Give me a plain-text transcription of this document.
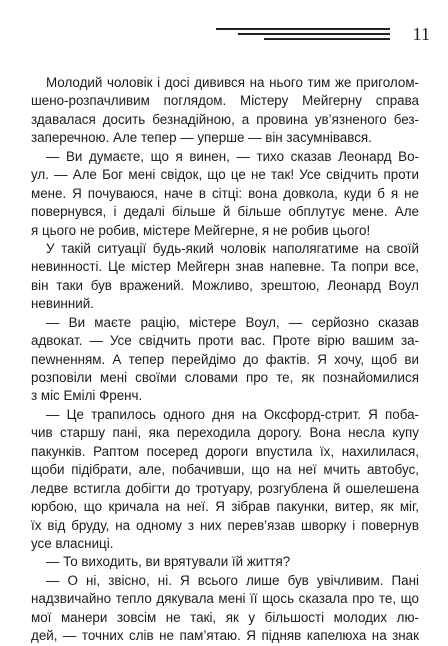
11
Молодий чоловік і досі дивився на нього тим же приголом-
шено-розпачливим поглядом. Містеру Мейгерну справа
здавалася досить безнадійною, а провина ув’язненого без-
заперечною. Але тепер — уперше — він засумнівався.
— Ви думаєте, що я винен, — тихо сказав Леонард Во-
ул. — Але Бог мені свідок, що це не так! Усе свідчить проти
мене. Я почуваюся, наче в сітці: вона довкола, куди б я не
повернувся, і дедалі більше й більше обплутує мене. Але
я цього не робив, містере Мейгерне, я не робив цього!
У такій ситуації будь-який чоловік наполягатиме на своїй
невинності. Це містер Мейгерн знав напевне. Та попри все,
він таки був вражений. Можливо, зрештою, Леонард Воул
невинний.
— Ви маєте рацію, містере Воул, — серйозно сказав
адвокат. — Усе свідчить проти вас. Проте вірю вашим за-
пewненням. А тепер перейдімо до фактів. Я хочу, щоб ви
розповіли мені своїми словами про те, як познайомилися
з міс Емілі Френч.
— Це трапилось одного дня на Оксфорд-стрит. Я поба-
чив старшу пані, яка переходила дорогу. Вона несла купу
пакунків. Раптом посеред дороги впустила їх, нахилилася,
щоби підібрати, але, побачивши, що на неї мчить автобус,
ледве встигла добігти до тротуару, розгублена й ошелешена
юрбою, що кричала на неї. Я зібрав пакунки, витер, як міг,
їх від бруду, на одному з них перев’язав шворку і повернув
усе власниці.
— То виходить, ви врятували їй життя?
— О ні, звісно, ні. Я всього лише був увічливим. Пані
надзвичайно тепло дякувала мені її щось сказала про те, що
мої манери зовсім не такі, як у більшості молодих лю-
дей, — точних слів не пам’ятаю. Я підняв капелюха на знак
